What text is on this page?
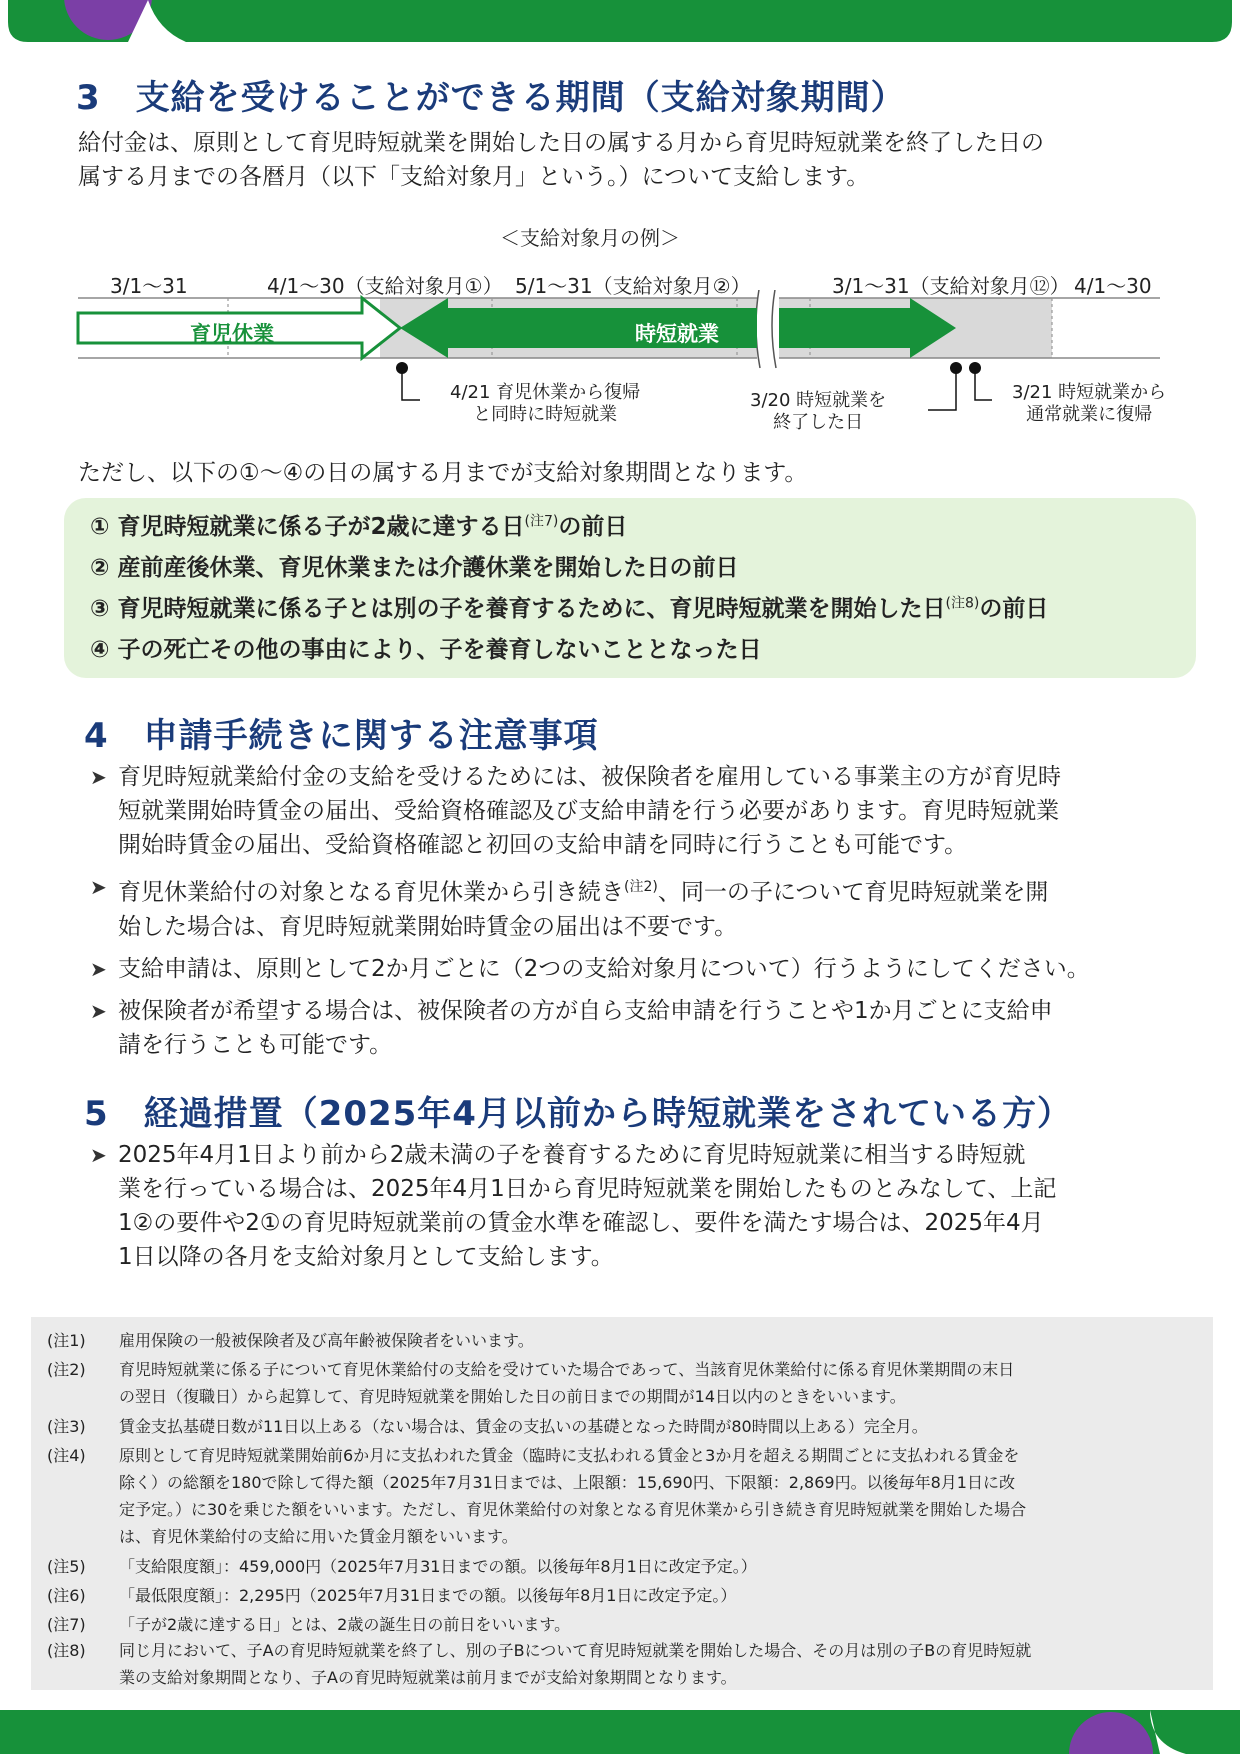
3　支給を受けることができる期間（支給対象期間）

給付金は、原則として育児時短就業を開始した日の属する月から育児時短就業を終了した日の

属する月までの各暦月（以下「支給対象月」という。）について支給します。

＜支給対象月の例＞
3/1～31	4/1～30（支給対象月①） 5/1～31（支給対象月②）	3/1～31（支給対象月⑫） 4/1～30
育児休業	時短就業
4/21 育児休業から復帰
と同時に時短就業
3/20 時短就業を
終了した日
3/21 時短就業から
通常就業に復帰

ただし、以下の①～④の日の属する月までが支給対象期間となります。

① 育児時短就業に係る子が2歳に達する日$^{(注7)}$の前日
② 産前産後休業、育児休業または介護休業を開始した日の前日
③ 育児時短就業に係る子とは別の子を養育するために、育児時短就業を開始した日$^{(注8)}$の前日
④ 子の死亡その他の事由により、子を養育しないこととなった日
4　申請手続きに関する注意事項
➤ 育児時短就業給付金の支給を受けるためには、被保険者を雇用している事業主の方が育児時
短就業開始時賃金の届出、受給資格確認及び支給申請を行う必要があります。育児時短就業
開始時賃金の届出、受給資格確認と初回の支給申請を同時に行うことも可能です。
➤ 育児休業給付の対象となる育児休業から引き続き$^{(注2)}$、同一の子について育児時短就業を開
始した場合は、育児時短就業開始時賃金の届出は不要です。
➤ 支給申請は、原則として2か月ごとに（2つの支給対象月について）行うようにしてください。
➤ 被保険者が希望する場合は、被保険者の方が自ら支給申請を行うことや1か月ごとに支給申
請を行うことも可能です。
5　経過措置（2025年4月以前から時短就業をされている方）
➤ 2025年4月1日より前から2歳未満の子を養育するために育児時短就業に相当する時短就
業を行っている場合は、2025年4月1日から育児時短就業を開始したものとみなして、上記
1②の要件や2①の育児時短就業前の賃金水準を確認し、要件を満たす場合は、2025年4月
1日以降の各月を支給対象月として支給します。
(注1)	雇用保険の一般被保険者及び高年齢被保険者をいいます。
(注2)	育児時短就業に係る子について育児休業給付の支給を受けていた場合であって、当該育児休業給付に係る育児休業期間の末日
の翌日（復職日）から起算して、育児時短就業を開始した日の前日までの期間が14日以内のときをいいます。
(注3)	賃金支払基礎日数が11日以上ある（ない場合は、賃金の支払いの基礎となった時間が80時間以上ある）完全月。
(注4)	原則として育児時短就業開始前6か月に支払われた賃金（臨時に支払われる賃金と3か月を超える期間ごとに支払われる賃金を
除く）の総額を180で除して得た額（2025年7月31日までは、上限額：15,690円、下限額：2,869円。以後毎年8月1日に改
定予定。）に30を乗じた額をいいます。ただし、育児休業給付の対象となる育児休業から引き続き育児時短就業を開始した場合
は、育児休業給付の支給に用いた賃金月額をいいます。
(注5)	「支給限度額」：459,000円（2025年7月31日までの額。以後毎年8月1日に改定予定。）
(注6)	「最低限度額」：2,295円（2025年7月31日までの額。以後毎年8月1日に改定予定。）
(注7)	「子が2歳に達する日」とは、2歳の誕生日の前日をいいます。
(注8)	同じ月において、子Aの育児時短就業を終了し、別の子Bについて育児時短就業を開始した場合、その月は別の子Bの育児時短就
業の支給対象期間となり、子Aの育児時短就業は前月までが支給対象期間となります。
